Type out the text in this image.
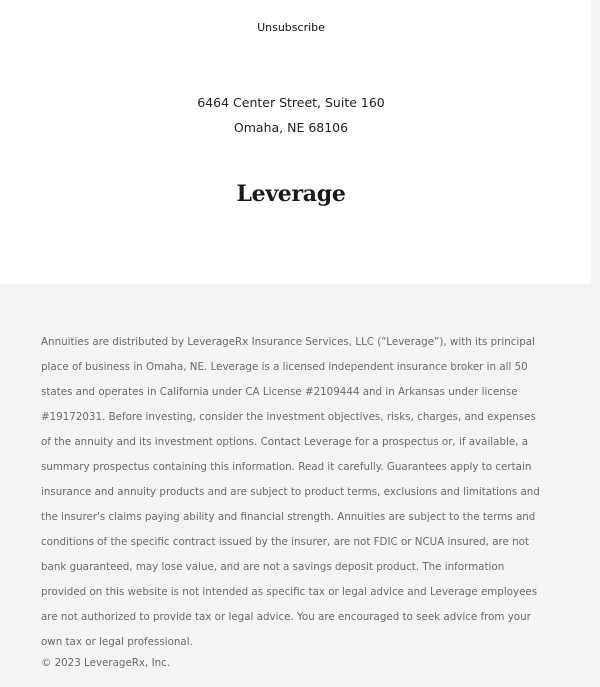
Unsubscribe
6464 Center Street, Suite 160
Omaha, NE 68106
Leverage

Annuities are distributed by LeverageRx Insurance Services, LLC (“Leverage”), with its principal place of business in Omaha, NE. Leverage is a licensed independent insurance broker in all 50 states and operates in California under CA License #2109444 and in Arkansas under license #19172031. Before investing, consider the investment objectives, risks, charges, and expenses of the annuity and its investment options. Contact Leverage for a prospectus or, if available, a summary prospectus containing this information. Read it carefully. Guarantees apply to certain insurance and annuity products and are subject to product terms, exclusions and limitations and the insurer's claims paying ability and financial strength. Annuities are subject to the terms and conditions of the specific contract issued by the insurer, are not FDIC or NCUA insured, are not bank guaranteed, may lose value, and are not a savings deposit product. The information provided on this website is not intended as specific tax or legal advice and Leverage employees are not authorized to provide tax or legal advice. You are encouraged to seek advice from your own tax or legal professional.

© 2023 LeverageRx, Inc.
